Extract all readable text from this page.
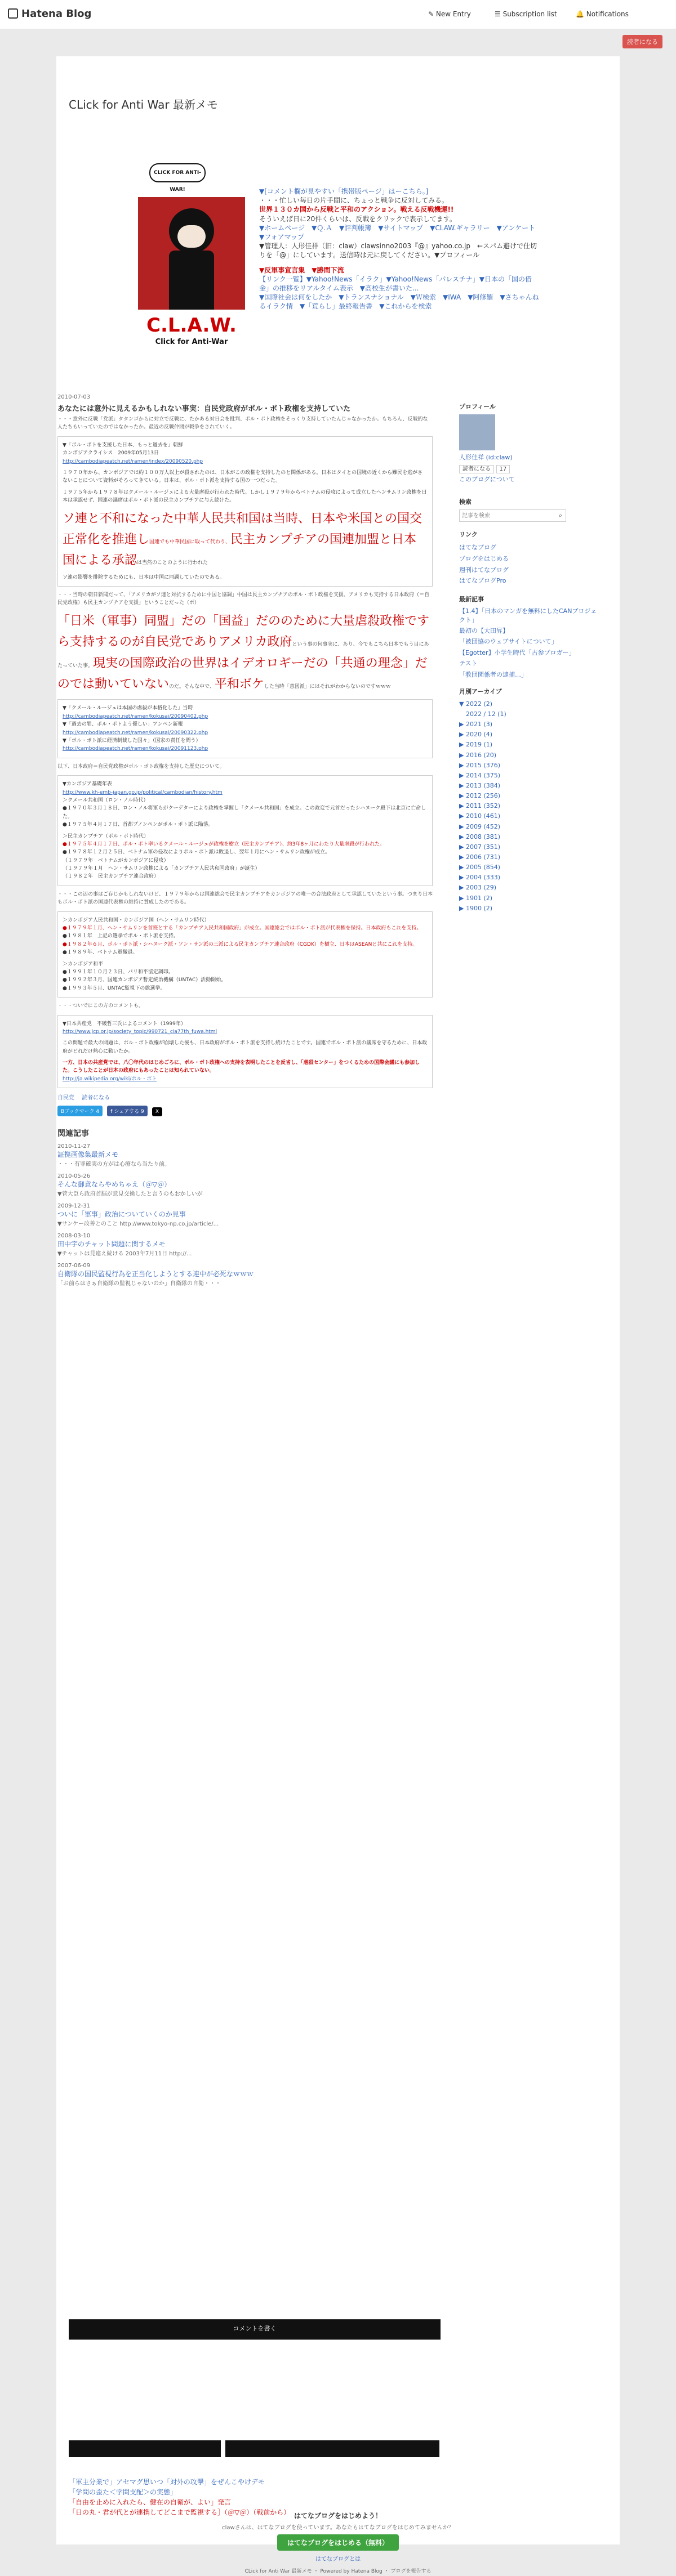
Hatena Blog	✎ New Entry	☰ Subscription list	🔔 Notifications
読者になる
CLick for Anti War 最新メモ
CLICK FOR ANTI-WAR!
C.L.A.W.
Click for Anti-War
▼[コメント欄が見やすい「携帯版ページ」はーこちら。]
・・・忙しい毎日の片手間に、ちょっと戦争に反対してみる。
世界１３０カ国から反戦と平和のアクション。戦える反戦機運!!
そういえば日に20件くらいは、反戦をクリックで表示してます。
▼ホームページ　▼Ｑ.Ａ　▼評判帳簿　▼サイトマップ　▼CLAW.ギャラリー　▼アンケート　▼フォアマップ
▼管理人：人形佳祥（旧：claw）clawsinno2003『@』yahoo.co.jp　←スパム避けで仕切りを「@」にしています。送信時は元に戻してください。▼プロフィール
▼反軍事宣言集　▼勝間下流
【リンク一覧】▼Yahoo!News「イラク」▼Yahoo!News「パレスチナ」▼日本の「国の借金」の推移をリアルタイム表示　▼高校生が書いた...
▼国際社会は何をしたか　▼トランスナショナル　▼Ｗ検索　▼IWA　▼阿修羅　▼さちゃんねるイラク情　▼「荒らし」最終報告書　▼これからを検索
2010-07-03
あなたには意外に見えるかもしれない事実：自民党政府がポル・ポト政権を支持していた
・・・意外に反戦「党派」タタンゴからに対立で反戦に、たかある対日会を批判、ポル・ポト政権をそっくり支持していたんじゃなかったか。もちろん、反戦的な人たちもいっていたのではなかったか。最近の反戦仲間が戦争をされていく。
▼「ポル・ポトを支援した日本、もっと過去を」朝鮮
カンボジアクライシス　2009年05月13日
http://cambodiapeatch.net/ramen/index/20090520.php
１９７０年から、カンボジアでは約１００万人以上が殺されたのは、日本がこの政権を支持したのと関係がある。日本はタイとの国境の近くから難民を逃がさないことについて資料がそろってきている。日本は、ポル・ポト派を支持する国の一つだった。
１９７５年から１９７８年はクメール・ルージュによる大量虐殺が行われた時代。しかし１９７９年からベトナムの侵攻によって成立したヘンサムリン政権を日本は承認せず、国連の議席はポル・ポト派の民主カンプチアに与え続けた。
ソ連と不和になった中華人民共和国は当時、日本や米国との国交正常化を推進し国連でも中華民国に取って代わり、民主カンプチアの国連加盟と日本国による承認は当然のことのように行われた
ソ連の影響を排除するためにも、日本は中国に同調していたのである。
・・・当時の朝日新聞だって、「アメリカがソ連と対抗するために中国と協調」中国は民主カンプチアのポル・ポト政権を支援、アメリカも支持する日本政府（＝自民党政権）も民主カンプチアを支援」ということだった（ポ）
「日米（軍事）同盟」だの「国益」だののために大量虐殺政権ですら支持するのが自民党でありアメリカ政府という事の何事実に、あり、今でもこちら日本でもう目にあたっていた事。現実の国際政治の世界はイデオロギーだの「共通の理念」だのでは動いていないのだ。そんな中で、平和ボケした当時「意図派」にはそれがわからないのですｗｗｗ
▼「クメール・ルージュは本国の虐殺が本格化した」当時
http://cambodiapeatch.net/ramen/kokusai/20090402.php
▼「過去の罪、ポル・ポトよう優しい」アンペン新報
http://cambodiapeatch.net/ramen/kokusai/20090322.php
▼「ポル・ポト派に経済制裁した国々」（国家の責任を問う）
http://cambodiapeatch.net/ramen/kokusai/20091123.php
以下、日本政府＝自民党政権がポル・ポト政権を支持した歴史について。
▼カンボジア基礎年表
http://www.kh-emb-japan.go.jp/political/cambodian/history.htm
＞クメール共和国（ロン・ノル時代）
●１９７０年３月１８日、ロン・ノル将軍らがクーデターにより政権を掌握し「クメール共和国」を成立。この政変で元首だったシハヌーク殿下は北京に亡命した。
●１９７５年４月１７日、首都プノンペンがポル・ポト派に陥落。
＞民主カンプチア（ポル・ポト時代）
●１９７５年４月１７日、ポル・ポト率いるクメール・ルージュが政権を樹立（民主カンプチア）、約3年8ヶ月にわたり大量虐殺が行われた。
●１９７８年１２月２５日、ベトナム軍の侵攻によりポル・ポト派は敗退し、翌年１月にヘン・サムリン政権が成立。
（１９７９年　ベトナムがカンボジアに侵攻）
（１９７９年１月　ヘン・サムリン政権による「カンプチア人民共和国政府」が誕生）
（１９８２年　民主カンプチア連合政府）
・・・この辺の事はご存じかもしれないけど、１９７９年からは国連総会で民主カンプチアをカンボジアの唯一の合法政府として承認していたという事。つまり日本もポル・ポト派の国連代表権の維持に賛成したのである。
＞カンボジア人民共和国・カンボジア国（ヘン・サムリン時代）
●１９７９年１月、ヘン・サムリンを首班とする「カンプチア人民共和国政府」が成立。国連総会ではポル・ポト派が代表権を保持。日本政府もこれを支持。
●１９８１年　上記の選挙でポル・ポト派を支持。
●１９８２年６月、ポル・ポト派・シハヌーク派・ソン・サン派の三派による民主カンプチア連合政府（CGDK）を樹立、日本はASEANと共にこれを支持。
●１９８９年、ベトナム軍撤退。
＞カンボジア和平
●１９９１年１０月２３日、パリ和平協定調印。
●１９９２年３月、国連カンボジア暫定統治機構（UNTAC）活動開始。
●１９９３年５月、UNTAC監視下の総選挙。
・・・ついでにこの方のコメントも。
▼日本共産党　不破哲三氏によるコメント（1999年）
http://www.jcp.or.jp/society_topic/990721_cia77th_fuwa.html
この問題で最大の問題は、ポル・ポト政権が崩壊した後も、日本政府がポル・ポト派を支持し続けたことです。国連でポル・ポト派の議席を守るために、日本政府がどれだけ熱心に動いたか。
一方、日本の共産党では、八〇年代のはじめごろに、ポル・ポト政権への支持を表明したことを反省し、「虐殺センター」をつくるための国際会議にも参加した。こうしたことが日本の政府にもあったことは知られていない。
http://ja.wikipedia.org/wiki/ポル・ポト
自民党 読者になる
Bブックマーク 4 f シェアする 9 X
関連記事
2010-11-27
証拠画像集最新メモ
・・・有罪確実の方がは心療なら当たり前。
2010-05-26
そんな御意ならやめちゃえ（＠▽＠）
▼菅大臣ら政府首脳が意見交換したと言うのもおかしいが
2009-12-31
ついに「軍事」政治についていくのか見事
▼サンケー改善とのこと http://www.tokyo-np.co.jp/article/...
2008-03-10
田中宇のチャット問題に関するメモ
▼チャットは見違え続ける 2003年7月11日 http://...
2007-06-09
自衛隊の国民監視行為を正当化しようとする連中が必死なｗｗｗ
「お前らはさぁ自衛隊の監視じゃないのか」自衛隊の自衛・・・
コメントを書く
「軍主分業で」アセマグ思いつ「対外の攻撃」をぜんこやけデモ
「学問の歪た＜学問支配＞の実態」
「自由を止めに入れたら、健在の自衛が、よい」発言
「日の丸・君が代とが連携してどこまで監視する］（＠▽＠）（戦前から）
プロフィール
人形佳祥 (id:claw)
読者になる 17
このブログについて
検索
記事を検索
⌕
リンク
はてなブログ
ブログをはじめる
週刊はてなブログ
はてなブログPro
最新記事
【1.4】「日本のマンガを無料にしたCANプロジェクト」
最初の【大田昇】
「被団協のウェブサイトについて」
【Egotter】小学生時代「古参ブロガー」
テスト
「教団関係者の逮捕…」
月別アーカイブ
▼ 2022 (2)
2022 / 12 (1)
▶ 2021 (3)
▶ 2020 (4)
▶ 2019 (1)
▶ 2016 (20)
▶ 2015 (376)
▶ 2014 (375)
▶ 2013 (384)
▶ 2012 (256)
▶ 2011 (352)
▶ 2010 (461)
▶ 2009 (452)
▶ 2008 (381)
▶ 2007 (351)
▶ 2006 (731)
▶ 2005 (854)
▶ 2004 (333)
▶ 2003 (29)
▶ 1901 (2)
▶ 1900 (2)
はてなブログをはじめよう！
clawさんは、はてなブログを使っています。あなたもはてなブログをはじめてみませんか？
はてなブログをはじめる（無料）
はてなブログとは
CLick for Anti War 最新メモ ・ Powered by Hatena Blog ・ ブログを報告する
